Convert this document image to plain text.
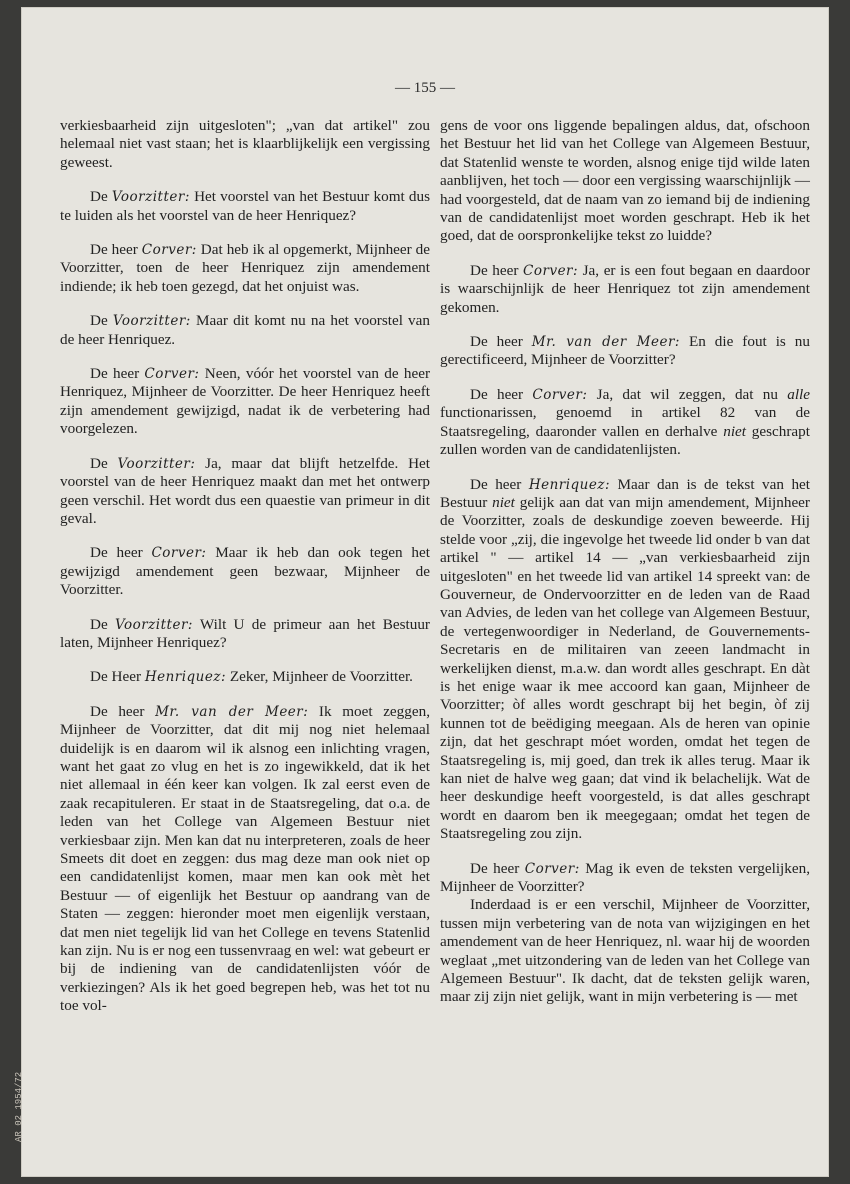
— 155 —

verkiesbaarheid zijn uitgesloten"; „van dat artikel" zou helemaal niet vast staan; het is klaarblijkelijk een vergissing geweest.

De Voorzitter: Het voorstel van het Bestuur komt dus te luiden als het voorstel van de heer Henriquez?

De heer Corver: Dat heb ik al opgemerkt, Mijnheer de Voorzitter, toen de heer Henriquez zijn amendement indiende; ik heb toen gezegd, dat het onjuist was.

De Voorzitter: Maar dit komt nu na het voorstel van de heer Henriquez.

De heer Corver: Neen, vóór het voorstel van de heer Henriquez, Mijnheer de Voorzitter. De heer Henriquez heeft zijn amendement gewijzigd, nadat ik de verbetering had voorgelezen.

De Voorzitter: Ja, maar dat blijft hetzelfde. Het voorstel van de heer Henriquez maakt dan met het ontwerp geen verschil. Het wordt dus een quaestie van primeur in dit geval.

De heer Corver: Maar ik heb dan ook tegen het gewijzigd amendement geen bezwaar, Mijnheer de Voorzitter.

De Voorzitter: Wilt U de primeur aan het Bestuur laten, Mijnheer Henriquez?

De Heer Henriquez: Zeker, Mijnheer de Voorzitter.

De heer Mr. van der Meer: Ik moet zeggen, Mijnheer de Voorzitter, dat dit mij nog niet helemaal duidelijk is en daarom wil ik alsnog een inlichting vragen, want het gaat zo vlug en het is zo ingewikkeld, dat ik het niet allemaal in één keer kan volgen. Ik zal eerst even de zaak recapituleren. Er staat in de Staatsregeling, dat o.a. de leden van het College van Algemeen Bestuur niet verkiesbaar zijn. Men kan dat nu interpreteren, zoals de heer Smeets dit doet en zeggen: dus mag deze man ook niet op een candidatenlijst komen, maar men kan ook mèt het Bestuur — of eigenlijk het Bestuur op aandrang van de Staten — zeggen: hieronder moet men eigenlijk verstaan, dat men niet tegelijk lid van het College en tevens Statenlid kan zijn. Nu is er nog een tussenvraag en wel: wat gebeurt er bij de indiening van de candidatenlijsten vóór de verkiezingen? Als ik het goed begrepen heb, was het tot nu toe vol-

gens de voor ons liggende bepalingen aldus, dat, ofschoon het Bestuur het lid van het College van Algemeen Bestuur, dat Statenlid wenste te worden, alsnog enige tijd wilde laten aanblijven, het toch — door een vergissing waarschijnlijk — had voorgesteld, dat de naam van zo iemand bij de indiening van de candidatenlijst moet worden geschrapt. Heb ik het goed, dat de oorspronkelijke tekst zo luidde?

De heer Corver: Ja, er is een fout begaan en daardoor is waarschijnlijk de heer Henriquez tot zijn amendement gekomen.

De heer Mr. van der Meer: En die fout is nu gerectificeerd, Mijnheer de Voorzitter?

De heer Corver: Ja, dat wil zeggen, dat nu alle functionarissen, genoemd in artikel 82 van de Staatsregeling, daaronder vallen en derhalve niet geschrapt zullen worden van de candidatenlijsten.

De heer Henriquez: Maar dan is de tekst van het Bestuur niet gelijk aan dat van mijn amendement, Mijnheer de Voorzitter, zoals de deskundige zoeven beweerde. Hij stelde voor „zij, die ingevolge het tweede lid onder b van dat artikel " — artikel 14 — „van verkiesbaarheid zijn uitgesloten" en het tweede lid van artikel 14 spreekt van: de Gouverneur, de Ondervoorzitter en de leden van de Raad van Advies, de leden van het college van Algemeen Bestuur, de vertegenwoordiger in Nederland, de Gouvernements-Secretaris en de militairen van zeeen landmacht in werkelijken dienst, m.a.w. dan wordt alles geschrapt. En dàt is het enige waar ik mee accoord kan gaan, Mijnheer de Voorzitter; òf alles wordt geschrapt bij het begin, òf zij kunnen tot de beëdiging meegaan. Als de heren van opinie zijn, dat het geschrapt móet worden, omdat het tegen de Staatsregeling is, mij goed, dan trek ik alles terug. Maar ik kan niet de halve weg gaan; dat vind ik belachelijk. Wat de heer deskundige heeft voorgesteld, is dat alles geschrapt wordt en daarom ben ik meegegaan; omdat het tegen de Staatsregeling zou zijn.

De heer Corver: Mag ik even de teksten vergelijken, Mijnheer de Voorzitter?

Inderdaad is er een verschil, Mijnheer de Voorzitter, tussen mijn verbetering van de nota van wijzigingen en het amendement van de heer Henriquez, nl. waar hij de woorden weglaat „met uitzondering van de leden van het College van Algemeen Bestuur". Ik dacht, dat de teksten gelijk waren, maar zij zijn niet gelijk, want in mijn verbetering is — met

AR 02 1954/72
